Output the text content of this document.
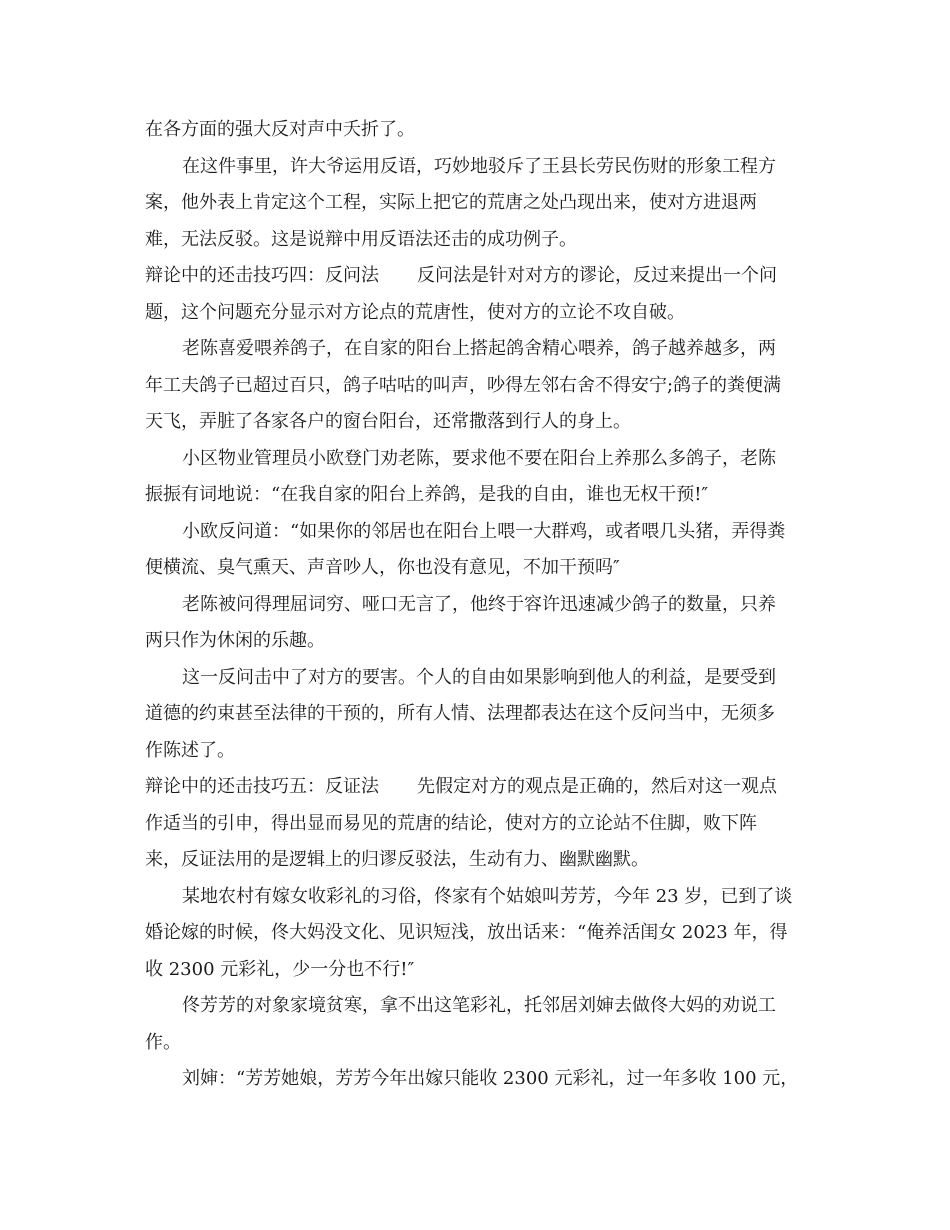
在各方面的强大反对声中夭折了。
在这件事里，许大爷运用反语，巧妙地驳斥了王县长劳民伤财的形象工程方
案，他外表上肯定这个工程，实际上把它的荒唐之处凸现出来，使对方进退两
难，无法反驳。这是说辩中用反语法还击的成功例子。
辩论中的还击技巧四：反问法 反问法是针对对方的谬论，反过来提出一个问
题，这个问题充分显示对方论点的荒唐性，使对方的立论不攻自破。
老陈喜爱喂养鸽子，在自家的阳台上搭起鸽舍精心喂养，鸽子越养越多，两
年工夫鸽子已超过百只，鸽子咕咕的叫声，吵得左邻右舍不得安宁;鸽子的粪便满
天飞，弄脏了各家各户的窗台阳台，还常撒落到行人的身上。
小区物业管理员小欧登门劝老陈，要求他不要在阳台上养那么多鸽子，老陈
振振有词地说：“在我自家的阳台上养鸽，是我的自由，谁也无权干预!″
小欧反问道：“如果你的邻居也在阳台上喂一大群鸡，或者喂几头猪，弄得粪
便横流、臭气熏天、声音吵人，你也没有意见，不加干预吗″
老陈被问得理屈词穷、哑口无言了，他终于容许迅速减少鸽子的数量，只养
两只作为休闲的乐趣。
这一反问击中了对方的要害。个人的自由如果影响到他人的利益，是要受到
道德的约束甚至法律的干预的，所有人情、法理都表达在这个反问当中，无须多
作陈述了。
辩论中的还击技巧五：反证法 先假定对方的观点是正确的，然后对这一观点
作适当的引申，得出显而易见的荒唐的结论，使对方的立论站不住脚，败下阵
来，反证法用的是逻辑上的归谬反驳法，生动有力、幽默幽默。
某地农村有嫁女收彩礼的习俗，佟家有个姑娘叫芳芳，今年 23 岁，已到了谈
婚论嫁的时候，佟大妈没文化、见识短浅，放出话来：“俺养活闺女 2023 年，得
收 2300 元彩礼，少一分也不行!″
佟芳芳的对象家境贫寒，拿不出这笔彩礼，托邻居刘婶去做佟大妈的劝说工
作。
刘婶：“芳芳她娘，芳芳今年出嫁只能收 2300 元彩礼，过一年多收 100 元，
